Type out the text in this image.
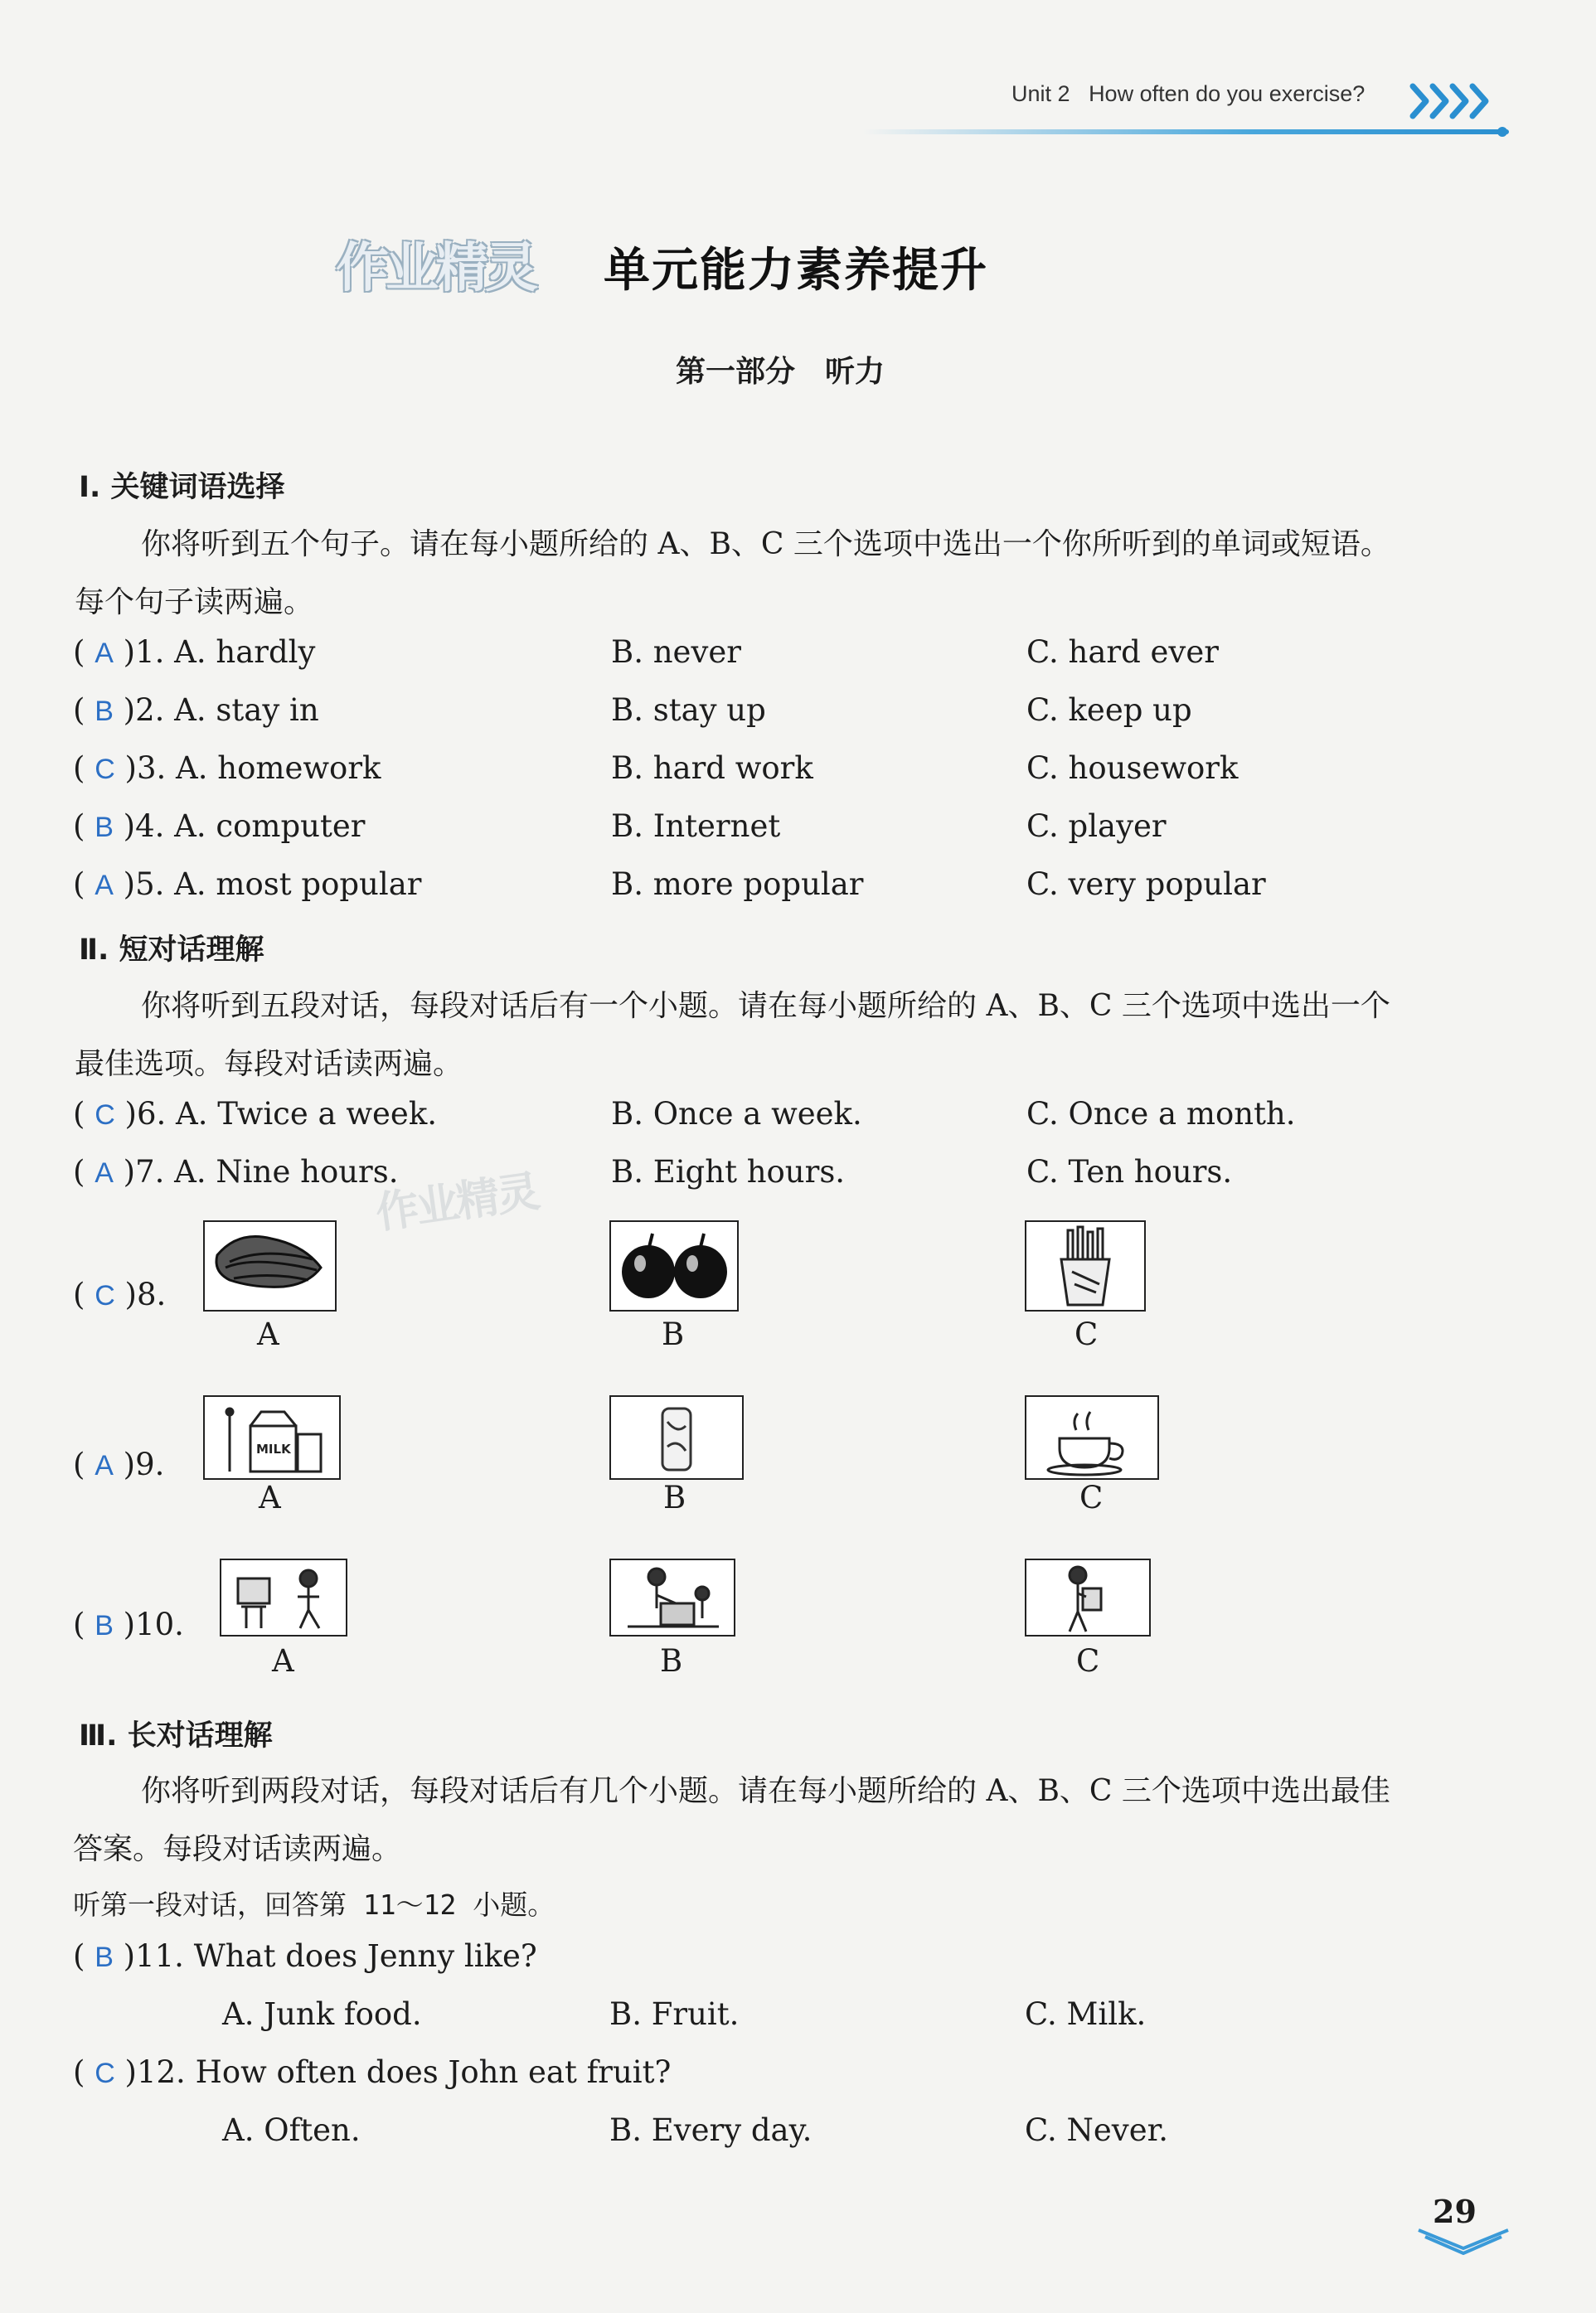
Unit 2 How often do you exercise?
作业精灵 单元能力素养提升
第一部分　听力
Ⅰ. 关键词语选择
你将听到五个句子。请在每小题所给的 A、B、C 三个选项中选出一个你所听到的单词或短语。
每个句子读两遍。
( A )1. A. hardly	B. never	C. hard ever
( B )2. A. stay in	B. stay up	C. keep up
( C )3. A. homework	B. hard work	C. housework
( B )4. A. computer	B. Internet	C. player
( A )5. A. most popular	B. more popular	C. very popular
Ⅱ. 短对话理解
你将听到五段对话，每段对话后有一个小题。请在每小题所给的 A、B、C 三个选项中选出一个
最佳选项。每段对话读两遍。
( C )6. A. Twice a week.	B. Once a week.	C. Once a month.
( A )7. A. Nine hours.	B. Eight hours.	C. Ten hours.
作业精灵
( C )8.
A	B	C
( A )9.	MILK
A	B	C
( B )10.
A	B	C
Ⅲ. 长对话理解
你将听到两段对话，每段对话后有几个小题。请在每小题所给的 A、B、C 三个选项中选出最佳
答案。每段对话读两遍。
听第一段对话，回答第 11～12 小题。
( B )11. What does Jenny like?
A. Junk food.	B. Fruit.	C. Milk.
( C )12. How often does John eat fruit?
A. Often.	B. Every day.	C. Never.
29
